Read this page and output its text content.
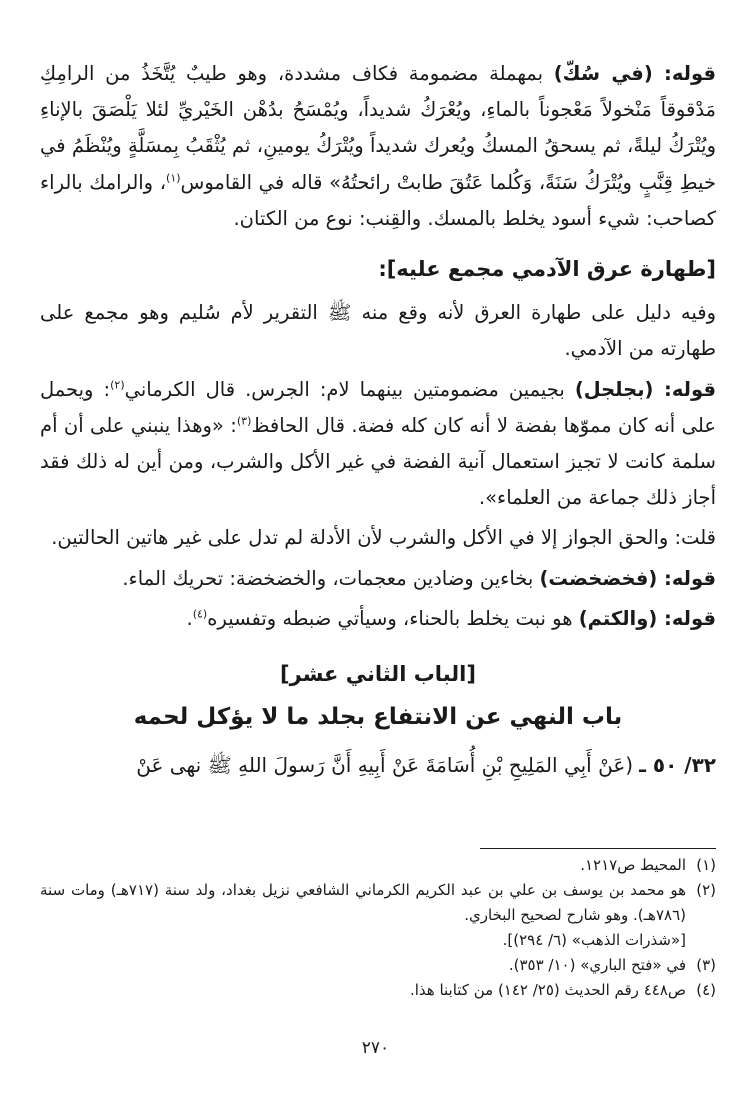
قوله: (في سُكّ) بمهملة مضمومة فكاف مشددة، وهو طيبٌ يُتَّخَذُ من الرامِكِ مَدْقوقاً مَنْخولاً مَعْجوناً بالماءِ، ويُعْرَكُ شديداً، ويُمْسَحُ بدُهْن الخَيْريِّ لئلا يَلْصَقَ بالإناءِ ويُتْرَكُ ليلةً، ثم يسحقُ المسكُ ويُعرك شديداً ويُتْرَكُ يومينِ، ثم يُثْقَبُ بِمسَلَّةٍ ويُنْظَمُ في خيطِ قِنَّبٍ ويُتْرَكُ سَنَةً، وَكُلما عَتُقَ طابتْ رائحتُهُ» قاله في القاموس$^{(١)}$، والرامك بالراء كصاحب: شيء أسود يخلط بالمسك. والقِنب: نوع من الكتان.

[طهارة عرق الآدمي مجمع عليه]:

وفيه دليل على طهارة العرق لأنه وقع منه ﷺ التقرير لأم سُليم وهو مجمع على طهارته من الآدمي.

قوله: (بجلجل) بجيمين مضمومتين بينهما لام: الجرس. قال الكرماني$^{(٢)}$: ويحمل على أنه كان مموّها بفضة لا أنه كان كله فضة. قال الحافظ$^{(٣)}$: «وهذا ينبني على أن أم سلمة كانت لا تجيز استعمال آنية الفضة في غير الأكل والشرب، ومن أين له ذلك فقد أجاز ذلك جماعة من العلماء».

قلت: والحق الجواز إلا في الأكل والشرب لأن الأدلة لم تدل على غير هاتين الحالتين.

قوله: (فخضخضت) بخاءين وضادين معجمات، والخضخضة: تحريك الماء.

قوله: (والكتم) هو نبت يخلط بالحناء، وسيأتي ضبطه وتفسيره$^{(٤)}$.

[الباب الثاني عشر]
باب النهي عن الانتفاع بجلد ما لا يؤكل لحمه

٣٢/ ٥٠ ـ(عَنْ أَبِي المَلِيحِ بْنِ أُسَامَةَ عَنْ أَبِيهِ أَنَّ رَسولَ اللهِ ﷺ نهى عَنْ

(١)
المحيط ص١٢١٧.
(٢)
هو محمد بن يوسف بن علي بن عبد الكريم الكرماني الشافعي نزيل بغداد، ولد سنة (٧١٧هـ) ومات سنة (٧٨٦هـ). وهو شارح لصحيح البخاري.

[«شذرات الذهب» (٦/ ٢٩٤)].

(٣)
في «فتح الباري» (١٠/ ٣٥٣).
(٤)
ص٤٤٨ رقم الحديث (٢٥/ ١٤٢) من كتابنا هذا.
٢٧٠
